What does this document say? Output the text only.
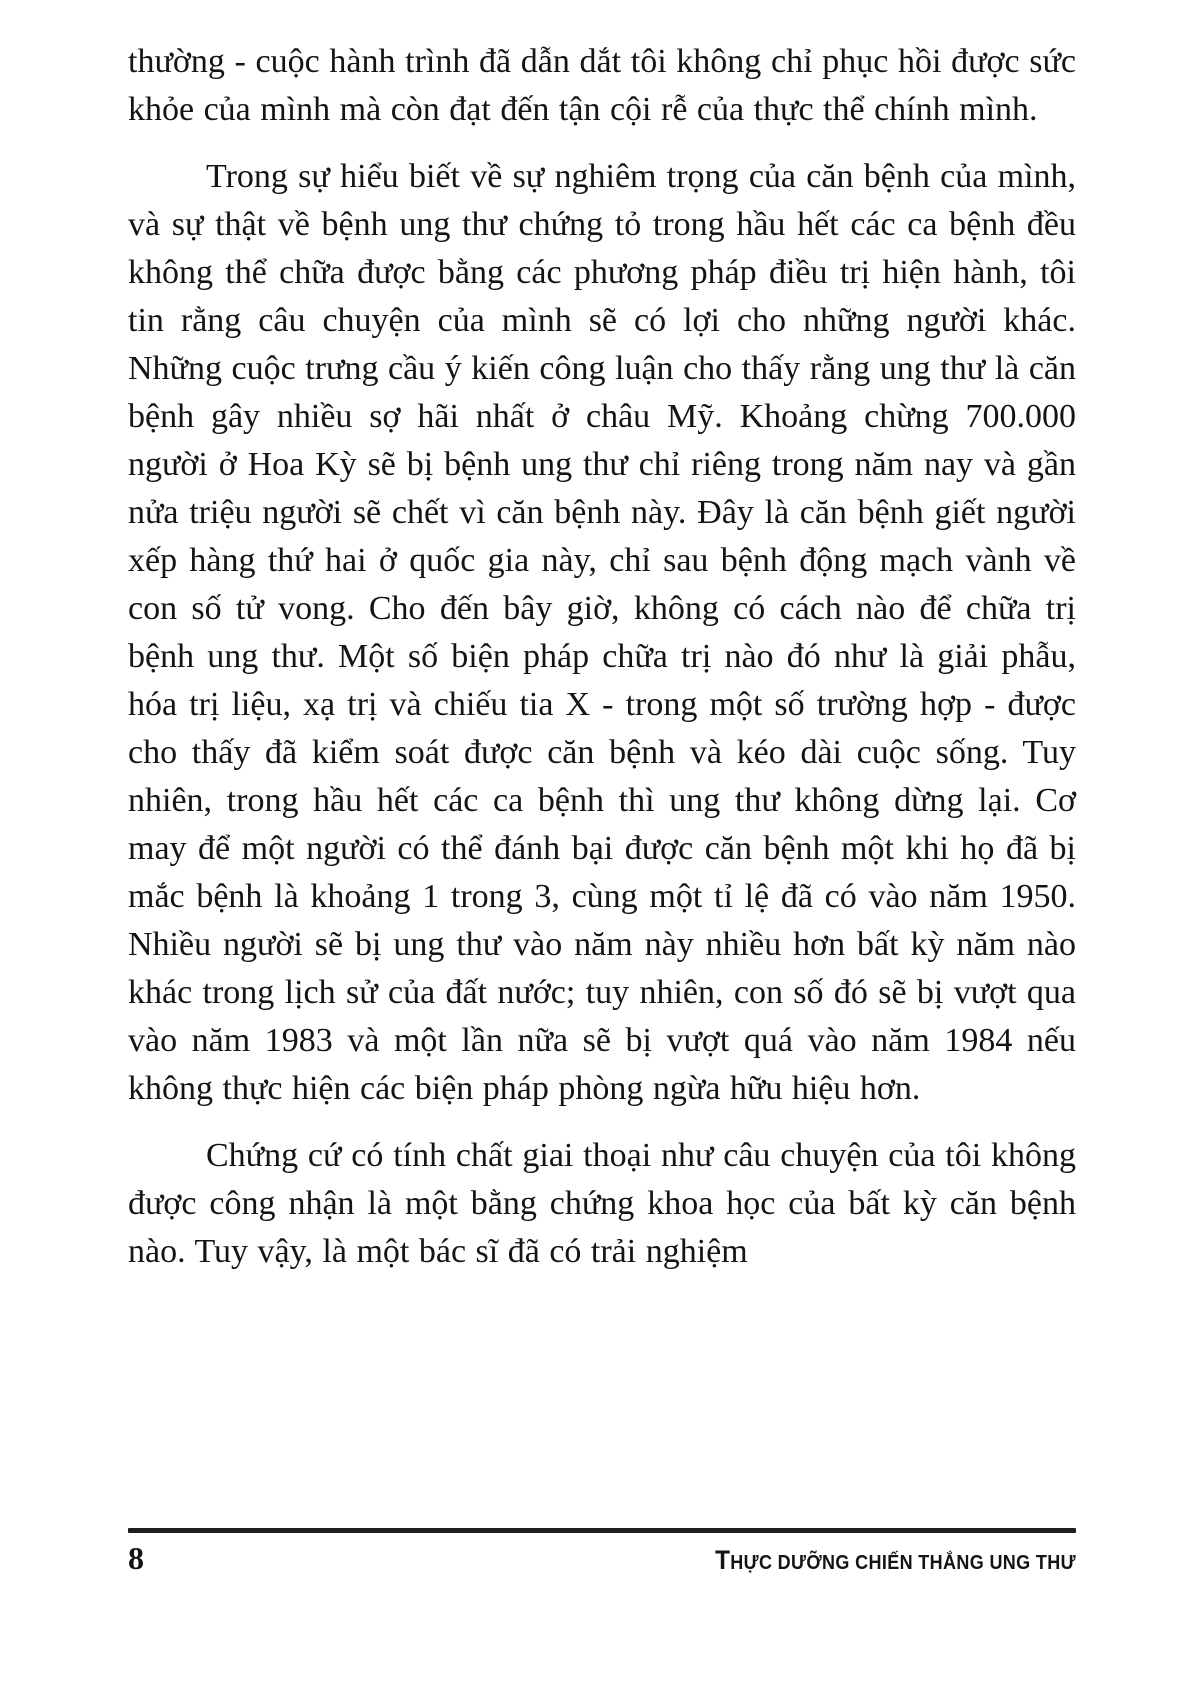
thường - cuộc hành trình đã dẫn dắt tôi không chỉ phục hồi được sức khỏe của mình mà còn đạt đến tận cội rễ của thực thể chính mình.

Trong sự hiểu biết về sự nghiêm trọng của căn bệnh của mình, và sự thật về bệnh ung thư chứng tỏ trong hầu hết các ca bệnh đều không thể chữa được bằng các phương pháp điều trị hiện hành, tôi tin rằng câu chuyện của mình sẽ có lợi cho những người khác. Những cuộc trưng cầu ý kiến công luận cho thấy rằng ung thư là căn bệnh gây nhiều sợ hãi nhất ở châu Mỹ. Khoảng chừng 700.000 người ở Hoa Kỳ sẽ bị bệnh ung thư chỉ riêng trong năm nay và gần nửa triệu người sẽ chết vì căn bệnh này. Đây là căn bệnh giết người xếp hàng thứ hai ở quốc gia này, chỉ sau bệnh động mạch vành về con số tử vong. Cho đến bây giờ, không có cách nào để chữa trị bệnh ung thư. Một số biện pháp chữa trị nào đó như là giải phẫu, hóa trị liệu, xạ trị và chiếu tia X - trong một số trường hợp - được cho thấy đã kiểm soát được căn bệnh và kéo dài cuộc sống. Tuy nhiên, trong hầu hết các ca bệnh thì ung thư không dừng lại. Cơ may để một người có thể đánh bại được căn bệnh một khi họ đã bị mắc bệnh là khoảng 1 trong 3, cùng một tỉ lệ đã có vào năm 1950. Nhiều người sẽ bị ung thư vào năm này nhiều hơn bất kỳ năm nào khác trong lịch sử của đất nước; tuy nhiên, con số đó sẽ bị vượt qua vào năm 1983 và một lần nữa sẽ bị vượt quá vào năm 1984 nếu không thực hiện các biện pháp phòng ngừa hữu hiệu hơn.

Chứng cứ có tính chất giai thoại như câu chuyện của tôi không được công nhận là một bằng chứng khoa học của bất kỳ căn bệnh nào. Tuy vậy, là một bác sĩ đã có trải nghiệm

8	THỰC DƯỠNG CHIẾN THẮNG UNG THƯ
